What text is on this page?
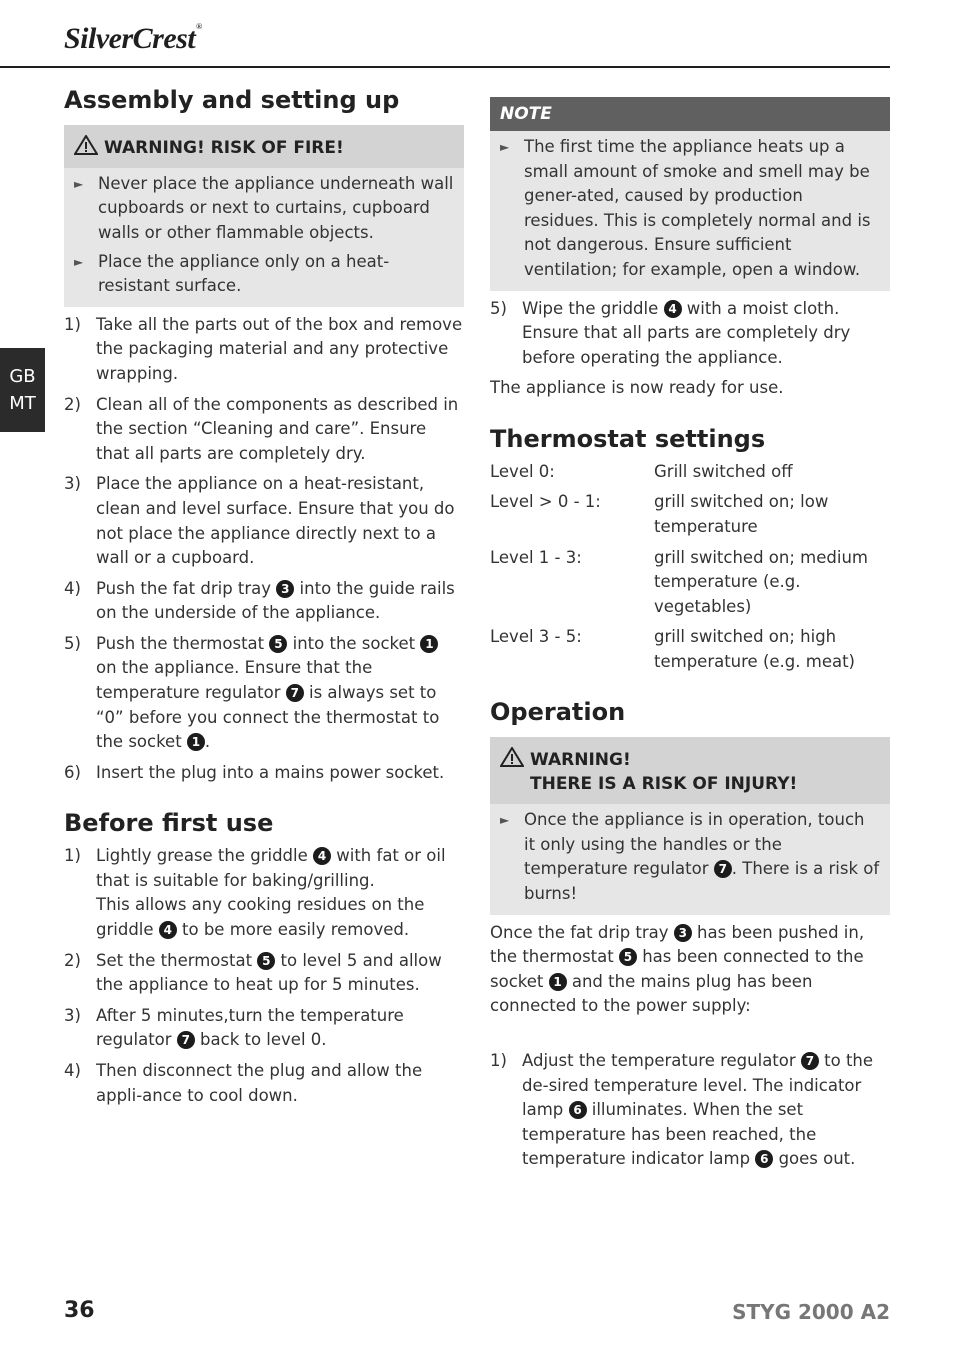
SilverCrest®
GB
MT
Assembly and setting up
WARNING! RISK OF FIRE!
► Never place the appliance underneath wall cupboards or next to curtains, cupboard walls or other flammable objects.
► Place the appliance only on a heat-resistant surface.
1) Take all the parts out of the box and remove the packaging material and any protective wrapping.
2) Clean all of the components as described in the section “Cleaning and care”. Ensure that all parts are completely dry.
3) Place the appliance on a heat-resistant, clean and level surface. Ensure that you do not place the appliance directly next to a wall or a cupboard.
4) Push the fat drip tray 3 into the guide rails on the underside of the appliance.
5) Push the thermostat 5 into the socket 1 on the appliance. Ensure that the temperature regulator 7 is always set to “0” before you connect the thermostat to the socket 1 .
6) Insert the plug into a mains power socket.
Before first use
1) Lightly grease the griddle 4 with fat or oil that is suitable for baking/grilling.
This allows any cooking residues on the griddle 4 to be more easily removed.
2) Set the thermostat 5 to level 5 and allow the appliance to heat up for 5 minutes.
3) After 5 minutes,turn the temperature regulator 7 back to level 0.
4) Then disconnect the plug and allow the appli-ance to cool down.
NOTE
► The first time the appliance heats up a small amount of smoke and smell may be gener-ated, caused by production residues. This is completely normal and is not dangerous. Ensure sufficient ventilation; for example, open a window.
5) Wipe the griddle 4 with a moist cloth. Ensure that all parts are completely dry before operating the appliance.
The appliance is now ready for use.
Thermostat settings
Level 0:	Grill switched off
Level > 0 - 1:	grill switched on; low temperature
Level 1 - 3:	grill switched on; medium temperature (e.g. vegetables)
Level 3 - 5:	grill switched on; high temperature (e.g. meat)
Operation
WARNING!
THERE IS A RISK OF INJURY!
► Once the appliance is in operation, touch it only using the handles or the temperature regulator 7 . There is a risk of burns!
Once the fat drip tray 3 has been pushed in, the thermostat 5 has been connected to the socket 1 and the mains plug has been connected to the power supply:
1) Adjust the temperature regulator 7 to the de-sired temperature level. The indicator lamp 6 illuminates. When the set temperature has been reached, the temperature indicator lamp 6 goes out.
36	STYG 2000 A2
